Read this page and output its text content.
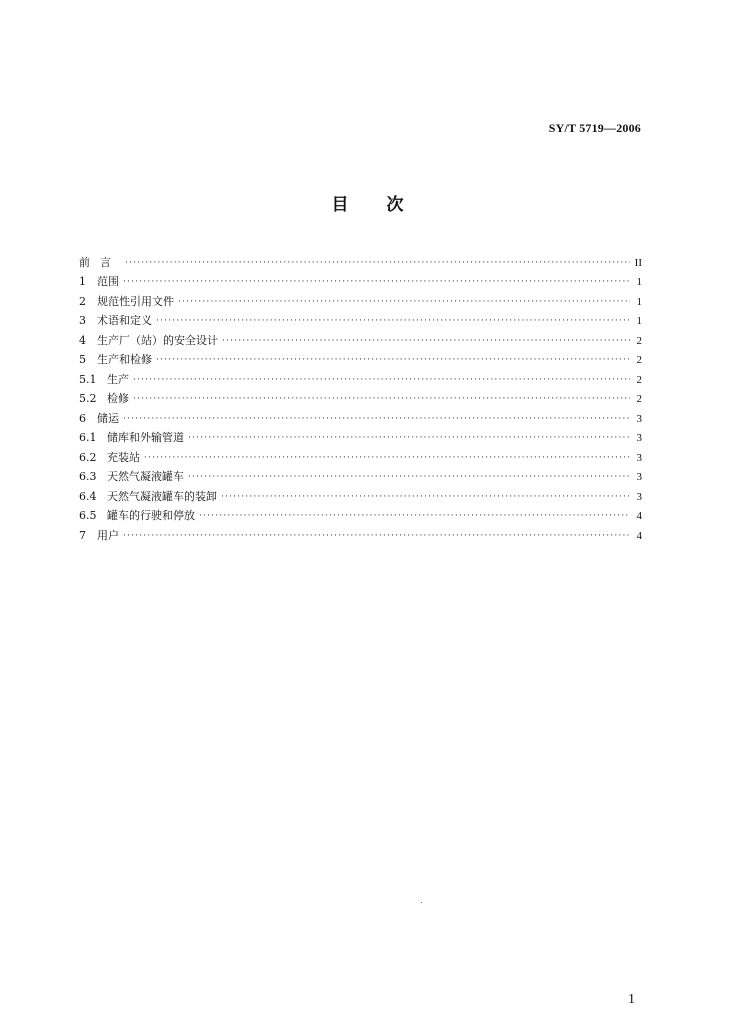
SY/T 5719—2006
目次
前言 ·····	II
1	范围 ·····	1
2	规范性引用文件 ·····	1
3	术语和定义 ·····	1
4	生产厂（站）的安全设计 ·····	2
5	生产和检修 ·····	2
5.1 生产 ·····	2
5.2 检修 ·····	2
6	储运 ·····	3
6.1 储库和外输管道 ·····	3
6.2 充装站 ·····	3
6.3 天然气凝液罐车 ·····	3
6.4 天然气凝液罐车的装卸 ·····	3
6.5 罐车的行驶和停放 ·····	4
7	用户 ·····	4
1
